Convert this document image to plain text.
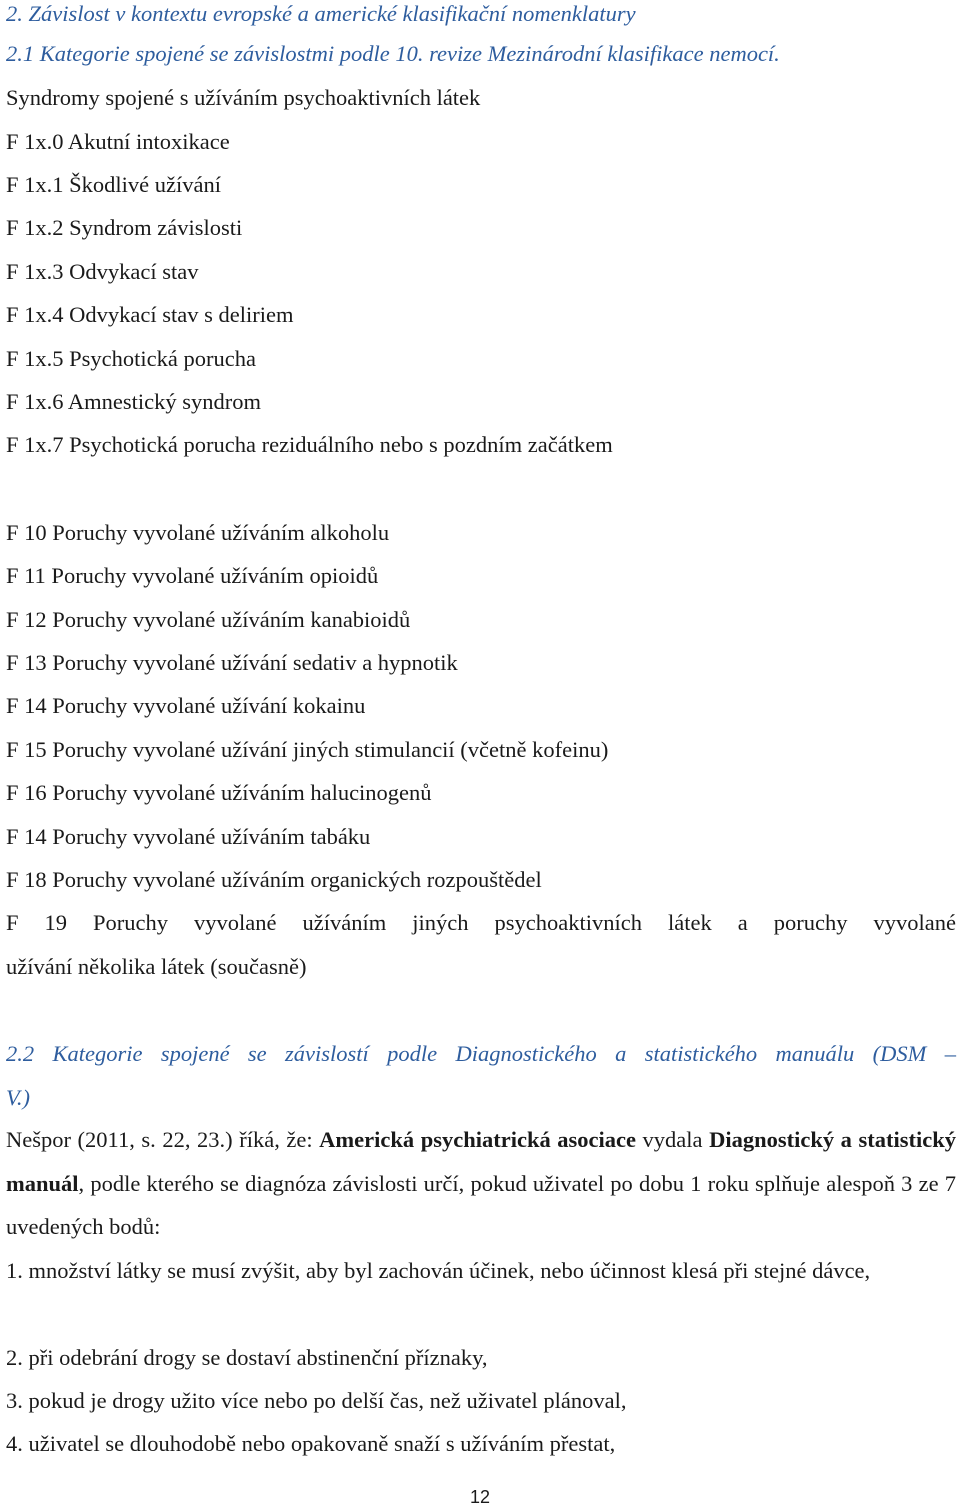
2. Závislost v kontextu evropské a americké klasifikační nomenklatury
2.1 Kategorie spojené se závislostmi podle 10. revize Mezinárodní klasifikace nemocí.
Syndromy spojené s užíváním psychoaktivních látek
F 1x.0 Akutní intoxikace
F 1x.1 Škodlivé užívání
F 1x.2 Syndrom závislosti
F 1x.3 Odvykací stav
F 1x.4 Odvykací stav s deliriem
F 1x.5 Psychotická porucha
F 1x.6 Amnestický syndrom
F 1x.7 Psychotická porucha reziduálního nebo s pozdním začátkem
F 10 Poruchy vyvolané užíváním alkoholu
F 11 Poruchy vyvolané užíváním opioidů
F 12 Poruchy vyvolané užíváním kanabioidů
F 13 Poruchy vyvolané užívání sedativ a hypnotik
F 14 Poruchy vyvolané užívání kokainu
F 15 Poruchy vyvolané užívání jiných stimulancií (včetně kofeinu)
F 16 Poruchy vyvolané užíváním halucinogenů
F 14 Poruchy vyvolané užíváním tabáku
F 18 Poruchy vyvolané užíváním organických rozpouštědel
F 19 Poruchy vyvolané užíváním jiných psychoaktivních látek a poruchy vyvolané
užívání několika látek (současně)
2.2 Kategorie spojené se závislostí podle Diagnostického a statistického manuálu (DSM –
V.)
Nešpor (2011, s. 22, 23.) říká, že: Americká psychiatrická asociace vydala Diagnostický a statistický manuál, podle kterého se diagnóza závislosti určí, pokud uživatel po dobu 1 roku splňuje alespoň 3 ze 7 uvedených bodů:
1. množství látky se musí zvýšit, aby byl zachován účinek, nebo účinnost klesá při stejné dávce,
2. při odebrání drogy se dostaví abstinenční příznaky,
3. pokud je drogy užito více nebo po delší čas, než uživatel plánoval,
4. uživatel se dlouhodobě nebo opakovaně snaží s užíváním přestat,
12
